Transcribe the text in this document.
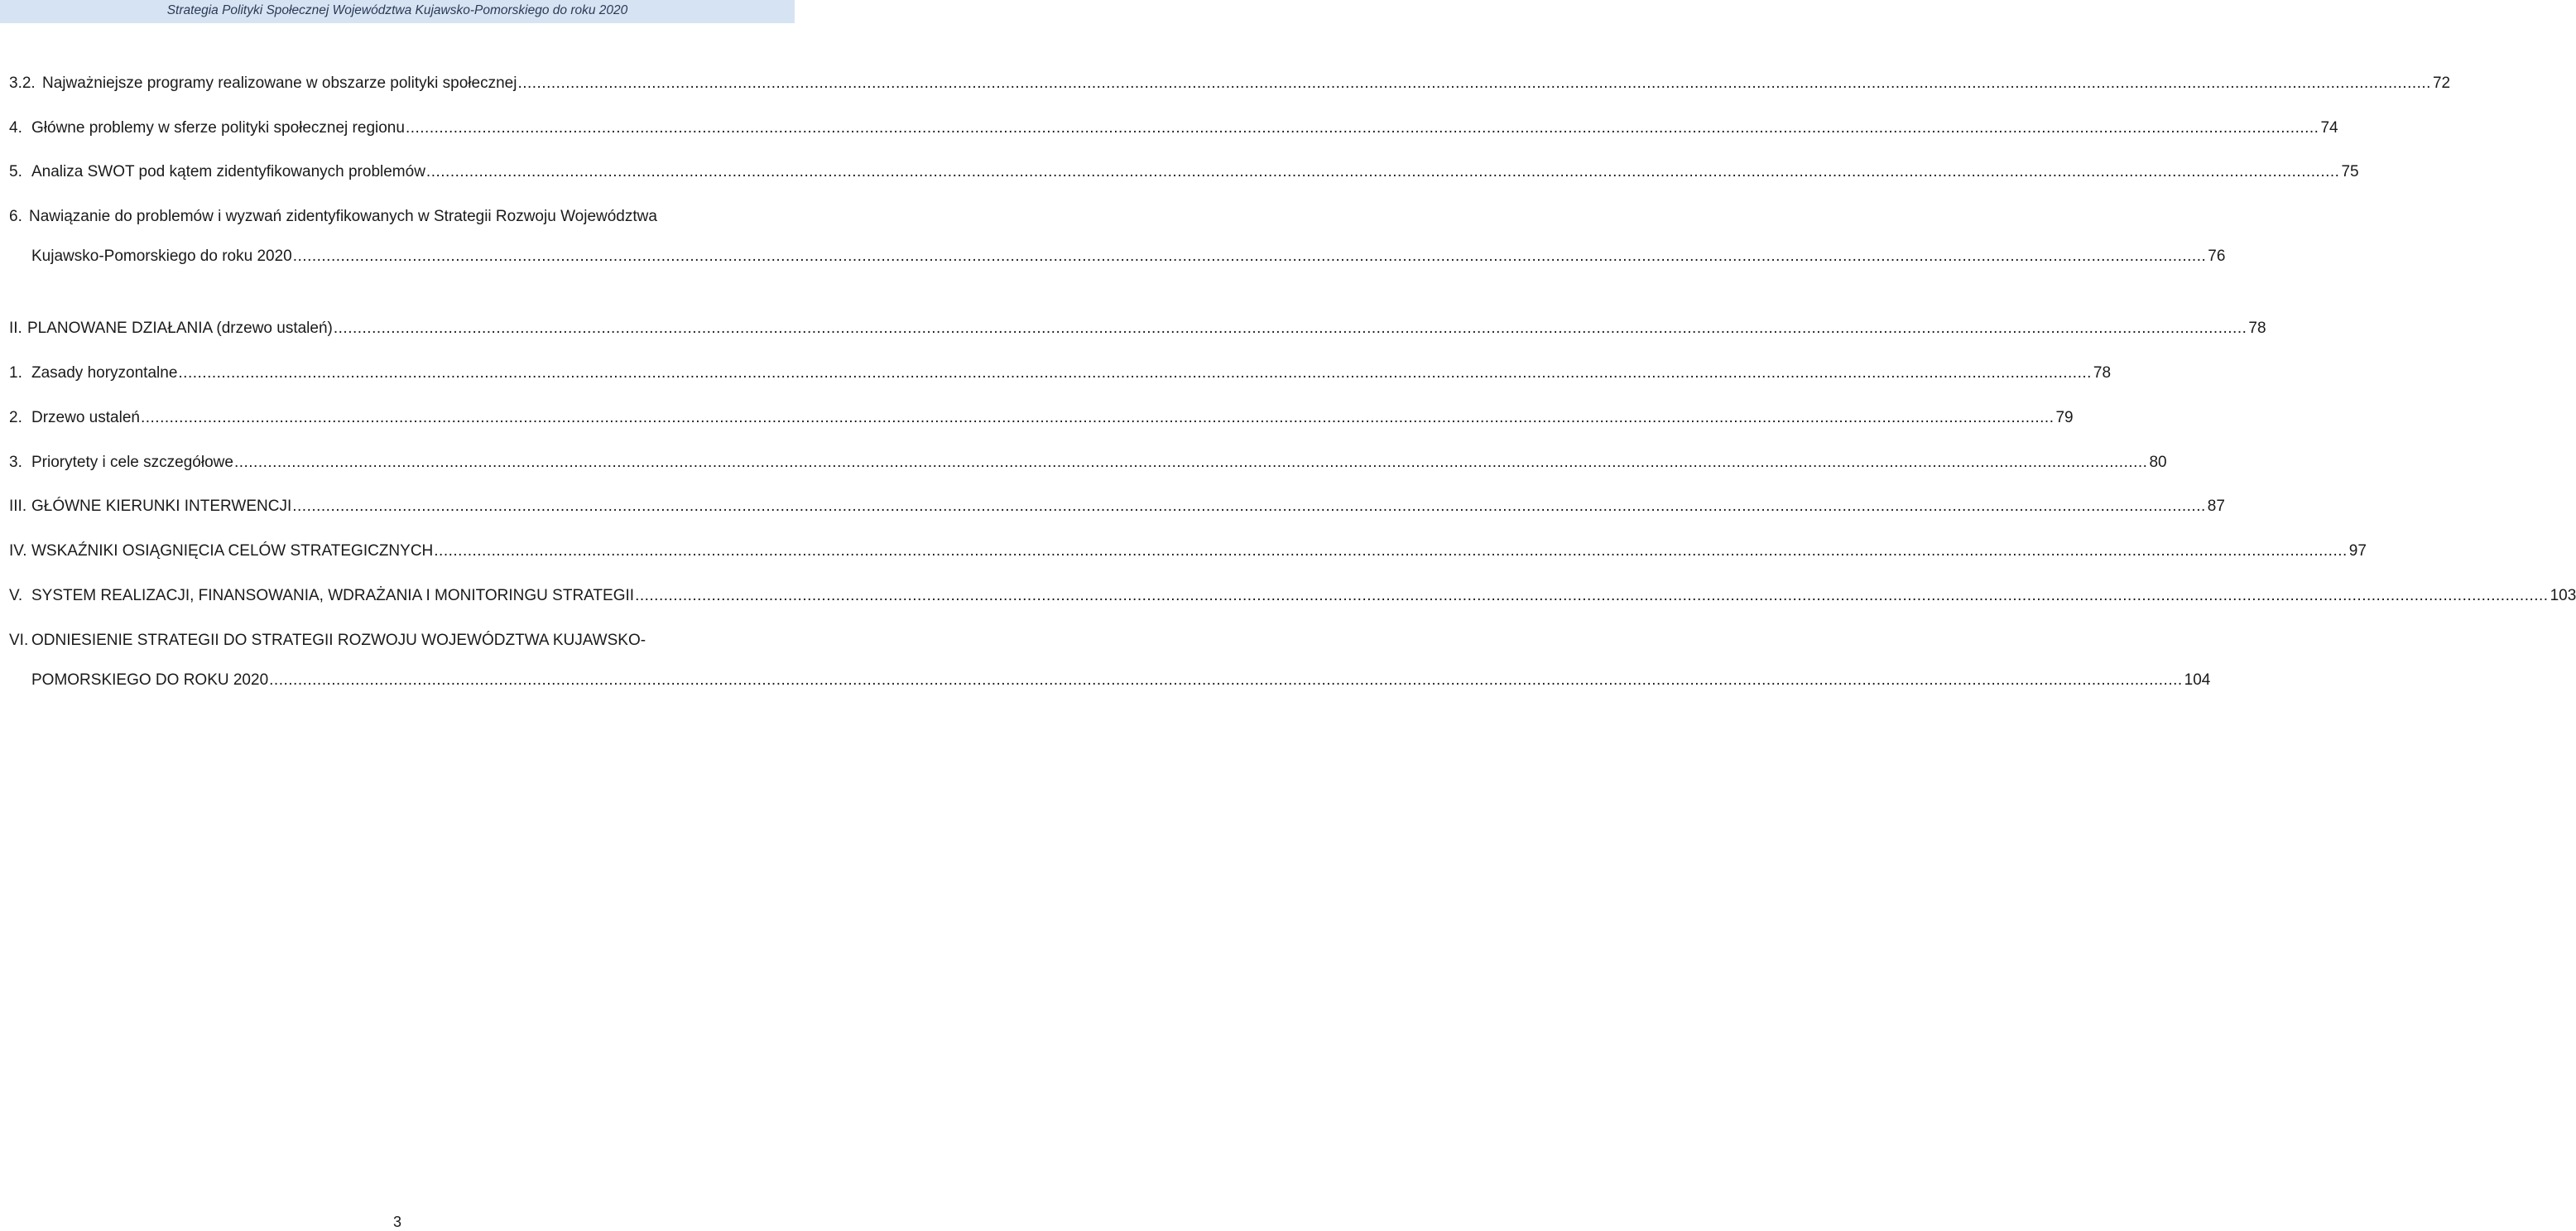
Strategia Polityki Społecznej Województwa Kujawsko-Pomorskiego do roku 2020
3.2. Najważniejsze programy realizowane w obszarze polityki społecznej ................................................................................................................................................................................................................................................................................................................................................................................................................ 72
4. Główne problemy w sferze polityki społecznej regionu ................................................................................................................................................................................................................................................................................................................................................................................................................ 74
5. Analiza SWOT pod kątem zidentyfikowanych problemów ................................................................................................................................................................................................................................................................................................................................................................................................................ 75
6. Nawiązanie do problemów i wyzwań zidentyfikowanych w Strategii Rozwoju Województwa
Kujawsko-Pomorskiego do roku 2020 ................................................................................................................................................................................................................................................................................................................................................................................................................ 76
II. PLANOWANE DZIAŁANIA (drzewo ustaleń) ................................................................................................................................................................................................................................................................................................................................................................................................................ 78
1. Zasady horyzontalne ................................................................................................................................................................................................................................................................................................................................................................................................................ 78
2. Drzewo ustaleń ................................................................................................................................................................................................................................................................................................................................................................................................................ 79
3. Priorytety i cele szczegółowe ................................................................................................................................................................................................................................................................................................................................................................................................................ 80
III. GŁÓWNE KIERUNKI INTERWENCJI ................................................................................................................................................................................................................................................................................................................................................................................................................ 87
IV. WSKAŹNIKI OSIĄGNIĘCIA CELÓW STRATEGICZNYCH ................................................................................................................................................................................................................................................................................................................................................................................................................ 97
V. SYSTEM REALIZACJI, FINANSOWANIA, WDRAŻANIA I MONITORINGU STRATEGII ................................................................................................................................................................................................................................................................................................................................................................................................................ 103
VI. ODNIESIENIE STRATEGII DO STRATEGII ROZWOJU WOJEWÓDZTWA KUJAWSKO-
POMORSKIEGO DO ROKU 2020 ................................................................................................................................................................................................................................................................................................................................................................................................................ 104
3
